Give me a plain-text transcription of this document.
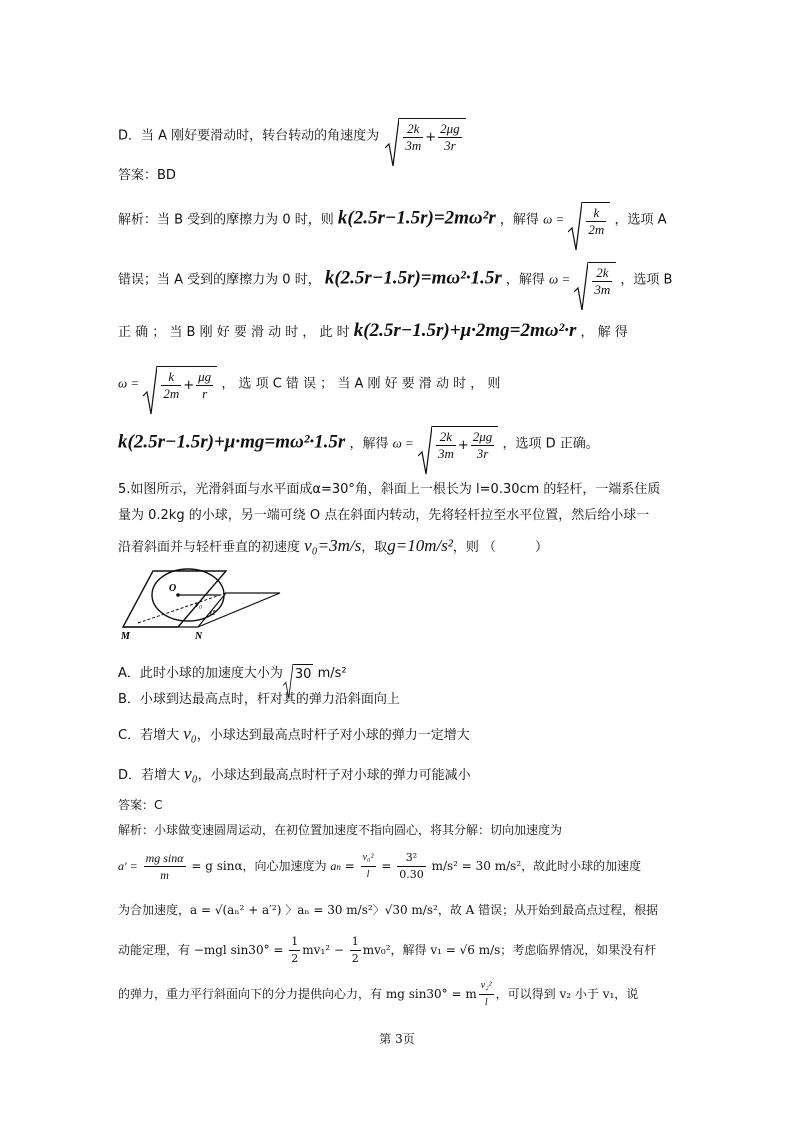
D．当 A 刚好要滑动时，转台转动的角速度为 $\frac{2k}{3m} + \frac{2\mu g}{3r}$
答案：BD
解析：当 B 受到的摩擦力为 0 时，则 k(2.5r−1.5r)=2mω²r ，解得 $\omega = \frac{k}{2m}$ ，选项 A
错误；当 A 受到的摩擦力为 0 时， k(2.5r−1.5r)=mω²·1.5r ，解得 $\omega = \frac{2k}{3m}$ ，选项 B
正 确 ； 当 B 刚 好 要 滑 动 时 ， 此 时 k(2.5r−1.5r)+μ·2mg=2mω²·r ， 解 得
$\omega = \frac{k}{2m} + \frac{\mu g}{r}$ ， 选 项 C 错 误 ； 当 A 刚 好 要 滑 动 时 ， 则
k(2.5r−1.5r)+μ·mg=mω²·1.5r ，解得 $\omega = \frac{2k}{3m} + \frac{2\mu g}{3r}$ ，选项 D 正确。
5.如图所示，光滑斜面与水平面成α=30°角，斜面上一根长为 l=0.30cm 的轻杆，一端系住质
量为 0.2kg 的小球，另一端可绕 O 点在斜面内转动，先将轻杆拉至水平位置，然后给小球一
沿着斜面并与轻杆垂直的初速度 v₀=3m/s，取g=10m/s²，则 （　　　）
O
v₀
α
M	N
A．此时小球的加速度大小为 30 m/s²
B．小球到达最高点时，杆对其的弹力沿斜面向上
C．若增大 v₀，小球达到最高点时杆子对小球的弹力一定增大
D．若增大 v₀，小球达到最高点时杆子对小球的弹力可能减小
答案：C
解析：小球做变速圆周运动，在初位置加速度不指向圆心，将其分解：切向加速度为
$a' = \frac{\text{mg sinα}}{m} = g$ sinα，向心加速度为 an = $\frac{\text{v₀²}}{l} = \frac{\text{3²}}{0.30} m/s^2 = 30$ m/s²，故此时小球的加速度
为合加速度，a = √(aₙ² + a′²) 〉aₙ = 30 m/s²〉√30 m/s²，故 A 错误；从开始到最高点过程，根据
动能定理，有 −mgl $\sin 30^\circ = \frac{1}{2} mv_1^2 - \frac{1}{2} mv_0^2$，解得 v₁ = √6 m/s；考虑临界情况，如果没有杆
的弹力，重力平行斜面向下的分力提供向心力，有 mg sin30° = m $\frac{\text{v₂²}}{l}$ ，可以得到 v₂ 小于 v₁，说
第 3页
